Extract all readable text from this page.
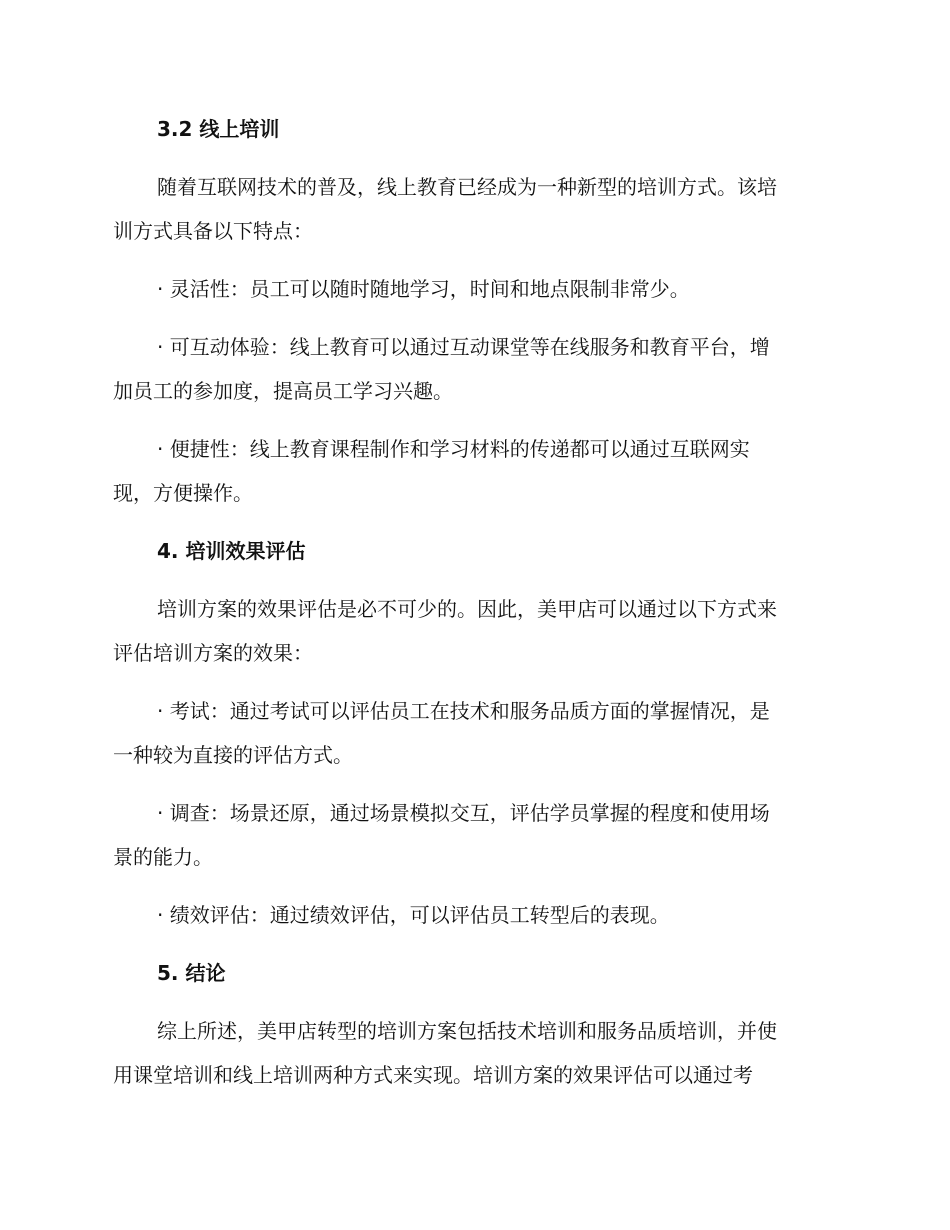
3.2 线上培训
随着互联网技术的普及，线上教育已经成为一种新型的培训方式。该培
训方式具备以下特点：
· 灵活性：员工可以随时随地学习，时间和地点限制非常少。
· 可互动体验：线上教育可以通过互动课堂等在线服务和教育平台，增
加员工的参加度，提高员工学习兴趣。
· 便捷性：线上教育课程制作和学习材料的传递都可以通过互联网实
现，方便操作。
4. 培训效果评估
培训方案的效果评估是必不可少的。因此，美甲店可以通过以下方式来
评估培训方案的效果：
· 考试：通过考试可以评估员工在技术和服务品质方面的掌握情况，是
一种较为直接的评估方式。
· 调查：场景还原，通过场景模拟交互，评估学员掌握的程度和使用场
景的能力。
· 绩效评估：通过绩效评估，可以评估员工转型后的表现。
5. 结论
综上所述，美甲店转型的培训方案包括技术培训和服务品质培训，并使
用课堂培训和线上培训两种方式来实现。培训方案的效果评估可以通过考
